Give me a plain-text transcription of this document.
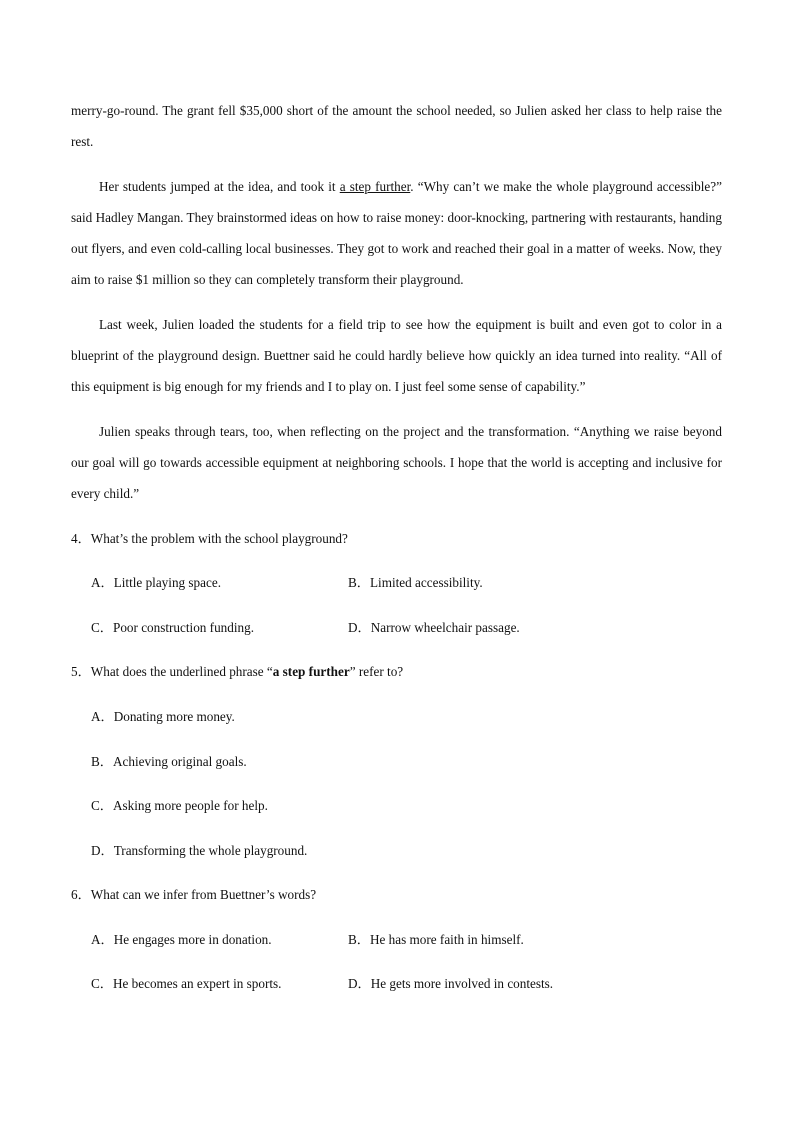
merry-go-round. The grant fell $35,000 short of the amount the school needed, so Julien asked her class to help raise the rest.

Her students jumped at the idea, and took it a step further. “Why can’t we make the whole playground accessible?” said Hadley Mangan. They brainstormed ideas on how to raise money: door-knocking, partnering with restaurants, handing out flyers, and even cold-calling local businesses. They got to work and reached their goal in a matter of weeks. Now, they aim to raise $1 million so they can completely transform their playground.

Last week, Julien loaded the students for a field trip to see how the equipment is built and even got to color in a blueprint of the playground design. Buettner said he could hardly believe how quickly an idea turned into reality. “All of this equipment is big enough for my friends and I to play on. I just feel some sense of capability.”

Julien speaks through tears, too, when reflecting on the project and the transformation. “Anything we raise beyond our goal will go towards accessible equipment at neighboring schools. I hope that the world is accepting and inclusive for every child.”

4．What’s the problem with the school playground?
A．Little playing space.	B．Limited accessibility.
C．Poor construction funding.	D．Narrow wheelchair passage.
5．What does the underlined phrase “a step further” refer to?
A．Donating more money.
B．Achieving original goals.
C．Asking more people for help.
D．Transforming the whole playground.
6．What can we infer from Buettner’s words?
A．He engages more in donation.	B．He has more faith in himself.
C．He becomes an expert in sports.	D．He gets more involved in contests.
